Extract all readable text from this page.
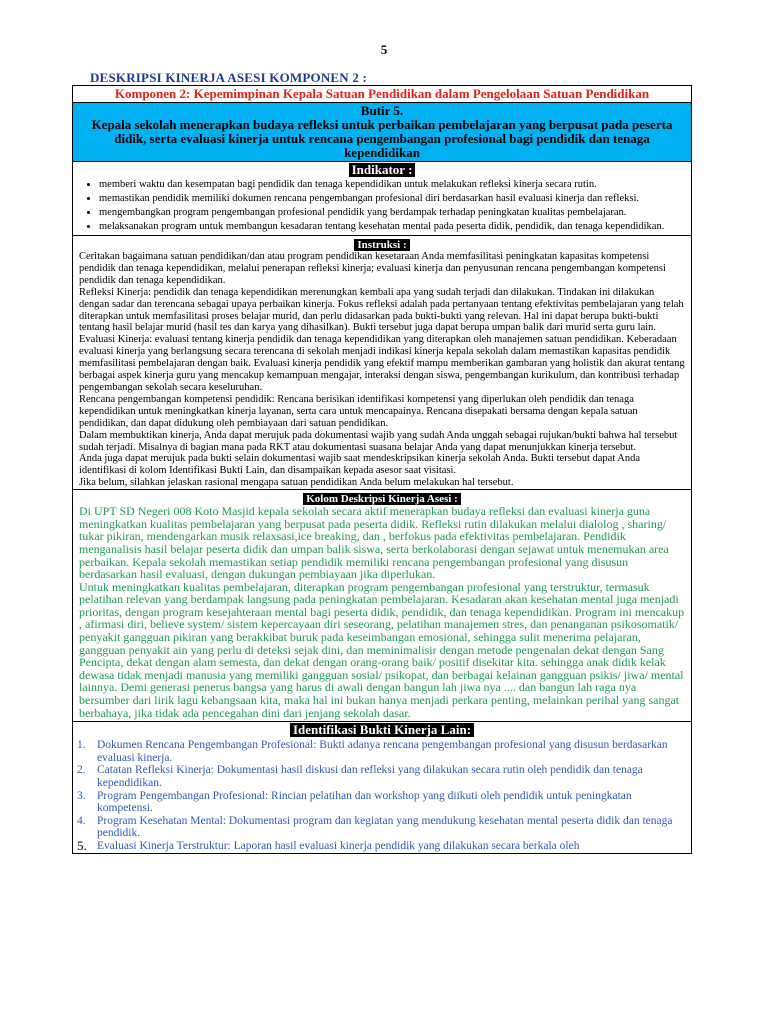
5
DESKRIPSI KINERJA ASESI KOMPONEN 2 :
Komponen 2: Kepemimpinan Kepala Satuan Pendidikan dalam Pengelolaan Satuan Pendidikan
Butir 5.
Kepala sekolah menerapkan budaya refleksi untuk perbaikan pembelajaran yang berpusat pada peserta didik, serta evaluasi kinerja untuk rencana pengembangan profesional bagi pendidik dan tenaga kependidikan
Indikator :
• memberi waktu dan kesempatan bagi pendidik dan tenaga kependidikan untuk melakukan refleksi kinerja secara rutin.
• memastikan pendidik memiliki dokumen rencana pengembangan profesional diri berdasarkan hasil evaluasi kinerja dan refleksi.
• mengembangkan program pengembangan profesional pendidik yang berdampak terhadap peningkatan kualitas pembelajaran.
• melaksanakan program untuk membangun kesadaran tentang kesehatan mental pada peserta didik, pendidik, dan tenaga kependidikan.
Instruksi :

Ceritakan bagaimana satuan pendidikan/dan atau program pendidikan kesetaraan Anda memfasilitasi peningkatan kapasitas kompetensi pendidik dan tenaga kependidikan, melalui penerapan refleksi kinerja; evaluasi kinerja dan penyusunan rencana pengembangan kompetensi pendidik dan tenaga kependidikan.

Refleksi Kinerja: pendidik dan tenaga kependidikan merenungkan kembali apa yang sudah terjadi dan dilakukan. Tindakan ini dilakukan dengan sadar dan terencana sebagai upaya perbaikan kinerja. Fokus refleksi adalah pada pertanyaan tentang efektivitas pembelajaran yang telah diterapkan untuk memfasilitasi proses belajar murid, dan perlu didasarkan pada bukti-bukti yang relevan. Hal ini dapat berupa bukti-bukti tentang hasil belajar murid (hasil tes dan karya yang dihasilkan). Bukti tersebut juga dapat berupa umpan balik dari murid serta guru lain.

Evaluasi Kinerja: evaluasi tentang kinerja pendidik dan tenaga kependidikan yang diterapkan oleh manajemen satuan pendidikan. Keberadaan evaluasi kinerja yang berlangsung secara terencana di sekolah menjadi indikasi kinerja kepala sekolah dalam memastikan kapasitas pendidik memfasilitasi pembelajaran dengan baik. Evaluasi kinerja pendidik yang efektif mampu memberikan gambaran yang holistik dan akurat tentang berbagai aspek kinerja guru yang mencakup kemampuan mengajar, interaksi dengan siswa, pengembangan kurikulum, dan kontribusi terhadap pengembangan sekolah secara keseluruhan.

Rencana pengembangan kompetensi pendidik: Rencana berisikan identifikasi kompetensi yang diperlukan oleh pendidik dan tenaga kependidikan untuk meningkatkan kinerja layanan, serta cara untuk mencapainya. Rencana disepakati bersama dengan kepala satuan pendidikan, dan dapat didukung oleh pembiayaan dari satuan pendidikan.

Dalam membuktikan kinerja, Anda dapat merujuk pada dokumentasi wajib yang sudah Anda unggah sebagai rujukan/bukti bahwa hal tersebut sudah terjadi. Misalnya di bagian mana pada RKT atau dokumentasi suasana belajar Anda yang dapat menunjukkan kinerja tersebut.

Anda juga dapat merujuk pada bukti selain dokumentasi wajib saat mendeskripsikan kinerja sekolah Anda. Bukti tersebut dapat Anda identifikasi di kolom Identifikasi Bukti Lain, dan disampaikan kepada asesor saat visitasi.

Jika belum, silahkan jelaskan rasional mengapa satuan pendidikan Anda belum melakukan hal tersebut.

Kolom Deskripsi Kinerja Asesi :

Di UPT SD Negeri 008 Koto Masjid kepala sekolah secara aktif menerapkan budaya refleksi dan evaluasi kinerja guna meningkatkan kualitas pembelajaran yang berpusat pada peserta didik. Refleksi rutin dilakukan melalui dialolog , sharing/ tukar pikiran, mendengarkan musik relaxsasi,ice breaking, dan , berfokus pada efektivitas pembelajaran. Pendidik menganalisis hasil belajar peserta didik dan umpan balik siswa, serta berkolaborasi dengan sejawat untuk menemukan area perbaikan. Kepala sekolah memastikan setiap pendidik memiliki rencana pengembangan profesional yang disusun berdasarkan hasil evaluasi, dengan dukungan pembiayaan jika diperlukan.

Untuk meningkatkan kualitas pembelajaran, diterapkan program pengembangan profesional yang terstruktur, termasuk pelatihan relevan yang berdampak langsung pada peningkatan pembelajaran. Kesadaran akan kesehatan mental juga menjadi prioritas, dengan program kesejahteraan mental bagi peserta didik, pendidik, dan tenaga kependidikan. Program ini mencakup , afirmasi diri, believe system/ sistem kepercayaan diri seseorang, pelatihan manajemen stres, dan penanganan psikosomatik/ penyakit gangguan pikiran yang berakkibat buruk pada keseimbangan emosional, sehingga sulit menerima pelajaran, gangguan penyakit ain yang perlu di deteksi sejak dini, dan meminimalisir dengan metode pengenalan dekat dengan Sang Pencipta, dekat dengan alam semesta, dan dekat dengan orang-orang baik/ positif disekitar kita. sehingga anak didik kelak dewasa tidak menjadi manusia yang memiliki gangguan sosial/ psikopat, dan berbagai kelainan gangguan psikis/ jiwa/ mental lainnya. Demi generasi penerus bangsa yang harus di awali dengan bangun lah jiwa nya .... dan bangun lah raga nya bersumber dari lirik lagu kebangsaan kita, maka hal ini bukan hanya menjadi perkara penting, melainkan perihal yang sangat berbahaya, jika tidak ada pencegahan dini dari jenjang sekolah dasar.

Identifikasi Bukti Kinerja Lain:
1. Dokumen Rencana Pengembangan Profesional: Bukti adanya rencana pengembangan profesional yang disusun berdasarkan evaluasi kinerja.
2. Catatan Refleksi Kinerja: Dokumentasi hasil diskusi dan refleksi yang dilakukan secara rutin oleh pendidik dan tenaga kependidikan.
3. Program Pengembangan Profesional: Rincian pelatihan dan workshop yang diikuti oleh pendidik untuk peningkatan kompetensi.
4. Program Kesehatan Mental: Dokumentasi program dan kegiatan yang mendukung kesehatan mental peserta didik dan tenaga pendidik.
5. Evaluasi Kinerja Terstruktur: Laporan hasil evaluasi kinerja pendidik yang dilakukan secara berkala oleh
